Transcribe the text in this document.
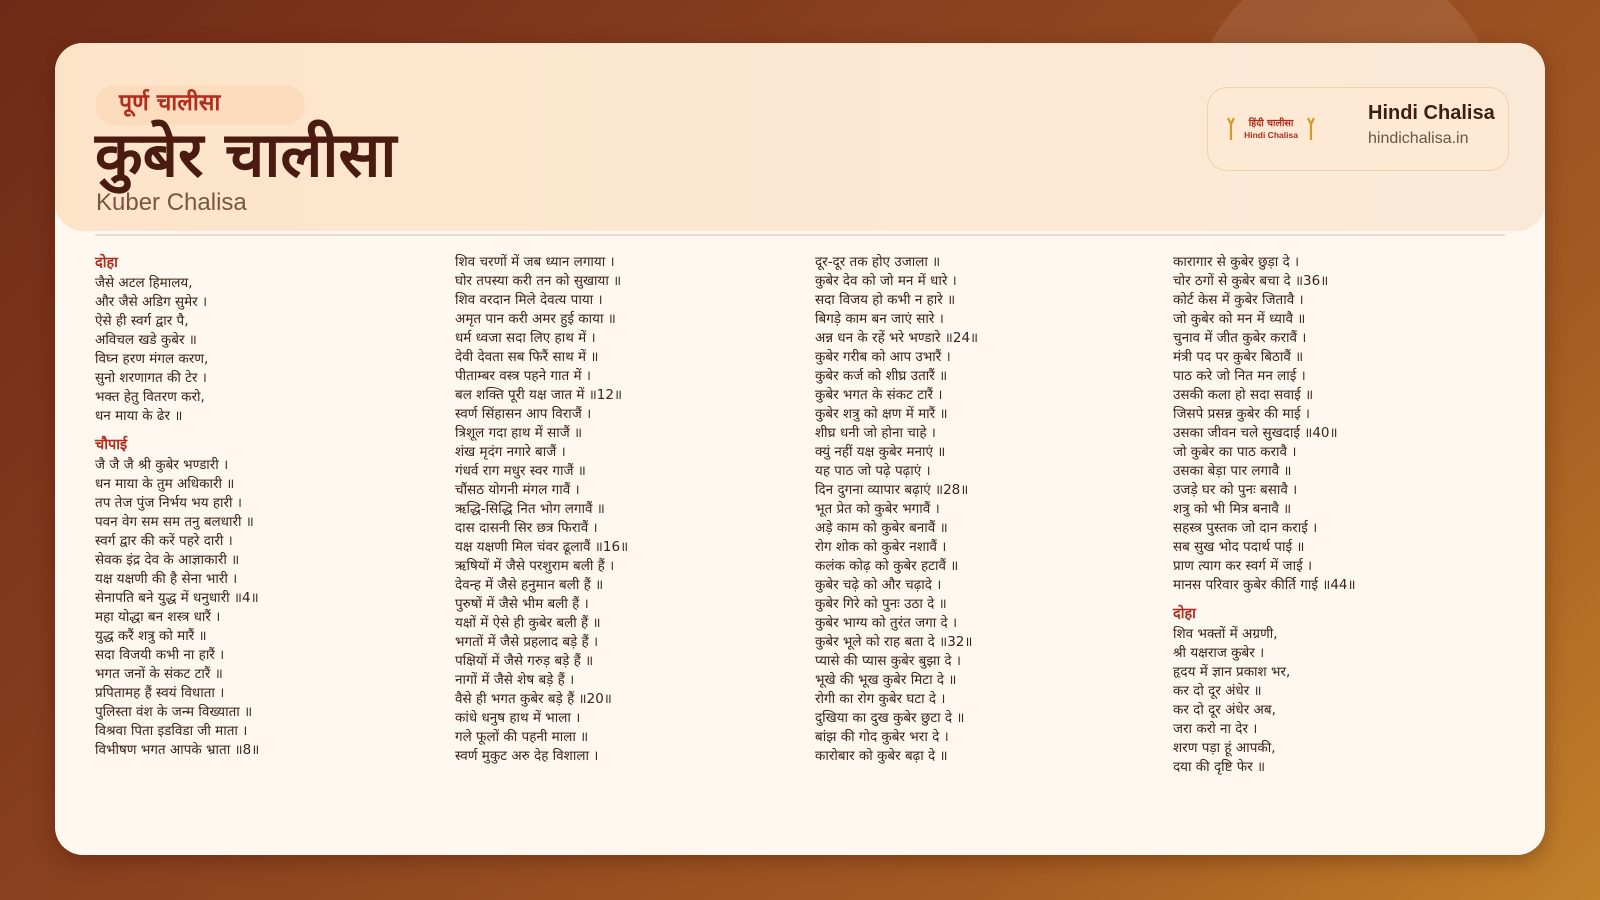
पूर्ण चालीसा
कुबेर चालीसा
Kuber Chalisa
हिंदी चालीसा
Hindi Chalisa
Hindi Chalisa
hindichalisa.in
दोहा
जैसे अटल हिमालय,
और जैसे अडिग सुमेर ।
ऐसे ही स्वर्ग द्वार पै,
अविचल खडे कुबेर ॥
विघ्न हरण मंगल करण,
सुनो शरणागत की टेर ।
भक्त हेतु वितरण करो,
धन माया के ढेर ॥
चौपाई
जै जै जै श्री कुबेर भण्डारी ।
धन माया के तुम अधिकारी ॥
तप तेज पुंज निर्भय भय हारी ।
पवन वेग सम सम तनु बलधारी ॥
स्वर्ग द्वार की करें पहरे दारी ।
सेवक इंद्र देव के आज्ञाकारी ॥
यक्ष यक्षणी की है सेना भारी ।
सेनापति बने युद्ध में धनुधारी ॥4॥
महा योद्धा बन शस्त्र धारैं ।
युद्ध करैं शत्रु को मारैं ॥
सदा विजयी कभी ना हारैं ।
भगत जनों के संकट टारैं ॥
प्रपितामह हैं स्वयं विधाता ।
पुलिस्ता वंश के जन्म विख्याता ॥
विश्रवा पिता इडविडा जी माता ।
विभीषण भगत आपके भ्राता ॥8॥
शिव चरणों में जब ध्यान लगाया ।
घोर तपस्या करी तन को सुखाया ॥
शिव वरदान मिले देवत्य पाया ।
अमृत पान करी अमर हुई काया ॥
धर्म ध्वजा सदा लिए हाथ में ।
देवी देवता सब फिरैं साथ में ॥
पीताम्बर वस्त्र पहने गात में ।
बल शक्ति पूरी यक्ष जात में ॥12॥
स्वर्ण सिंहासन आप विराजैं ।
त्रिशूल गदा हाथ में साजैं ॥
शंख मृदंग नगारे बाजैं ।
गंधर्व राग मधुर स्वर गाजैं ॥
चौंसठ योगनी मंगल गावैं ।
ऋद्धि-सिद्धि नित भोग लगावैं ॥
दास दासनी सिर छत्र फिरावैं ।
यक्ष यक्षणी मिल चंवर ढूलावैं ॥16॥
ऋषियों में जैसे परशुराम बली हैं ।
देवन्ह में जैसे हनुमान बली हैं ॥
पुरुषों में जैसे भीम बली हैं ।
यक्षों में ऐसे ही कुबेर बली हैं ॥
भगतों में जैसे प्रहलाद बड़े हैं ।
पक्षियों में जैसे गरुड़ बड़े हैं ॥
नागों में जैसे शेष बड़े हैं ।
वैसे ही भगत कुबेर बड़े हैं ॥20॥
कांधे धनुष हाथ में भाला ।
गले फूलों की पहनी माला ॥
स्वर्ण मुकुट अरु देह विशाला ।
दूर-दूर तक होए उजाला ॥
कुबेर देव को जो मन में धारे ।
सदा विजय हो कभी न हारे ॥
बिगड़े काम बन जाएं सारे ।
अन्न धन के रहें भरे भण्डारे ॥24॥
कुबेर गरीब को आप उभारैं ।
कुबेर कर्ज को शीघ्र उतारैं ॥
कुबेर भगत के संकट टारैं ।
कुबेर शत्रु को क्षण में मारैं ॥
शीघ्र धनी जो होना चाहे ।
क्युं नहीं यक्ष कुबेर मनाएं ॥
यह पाठ जो पढ़े पढ़ाएं ।
दिन दुगना व्यापार बढ़ाएं ॥28॥
भूत प्रेत को कुबेर भगावैं ।
अड़े काम को कुबेर बनावैं ॥
रोग शोक को कुबेर नशावैं ।
कलंक कोढ़ को कुबेर हटावैं ॥
कुबेर चढ़े को और चढ़ादे ।
कुबेर गिरे को पुनः उठा दे ॥
कुबेर भाग्य को तुरंत जगा दे ।
कुबेर भूले को राह बता दे ॥32॥
प्यासे की प्यास कुबेर बुझा दे ।
भूखे की भूख कुबेर मिटा दे ॥
रोगी का रोग कुबेर घटा दे ।
दुखिया का दुख कुबेर छुटा दे ॥
बांझ की गोद कुबेर भरा दे ।
कारोबार को कुबेर बढ़ा दे ॥
कारागार से कुबेर छुड़ा दे ।
चोर ठगों से कुबेर बचा दे ॥36॥
कोर्ट केस में कुबेर जितावै ।
जो कुबेर को मन में ध्यावै ॥
चुनाव में जीत कुबेर करावैं ।
मंत्री पद पर कुबेर बिठावैं ॥
पाठ करे जो नित मन लाई ।
उसकी कला हो सदा सवाई ॥
जिसपे प्रसन्न कुबेर की माई ।
उसका जीवन चले सुखदाई ॥40॥
जो कुबेर का पाठ करावै ।
उसका बेड़ा पार लगावै ॥
उजड़े घर को पुनः बसावै ।
शत्रु को भी मित्र बनावै ॥
सहस्त्र पुस्तक जो दान कराई ।
सब सुख भोद पदार्थ पाई ॥
प्राण त्याग कर स्वर्ग में जाई ।
मानस परिवार कुबेर कीर्ति गाई ॥44॥
दोहा
शिव भक्तों में अग्रणी,
श्री यक्षराज कुबेर ।
हृदय में ज्ञान प्रकाश भर,
कर दो दूर अंधेर ॥
कर दो दूर अंधेर अब,
जरा करो ना देर ।
शरण पड़ा हूं आपकी,
दया की दृष्टि फेर ॥
